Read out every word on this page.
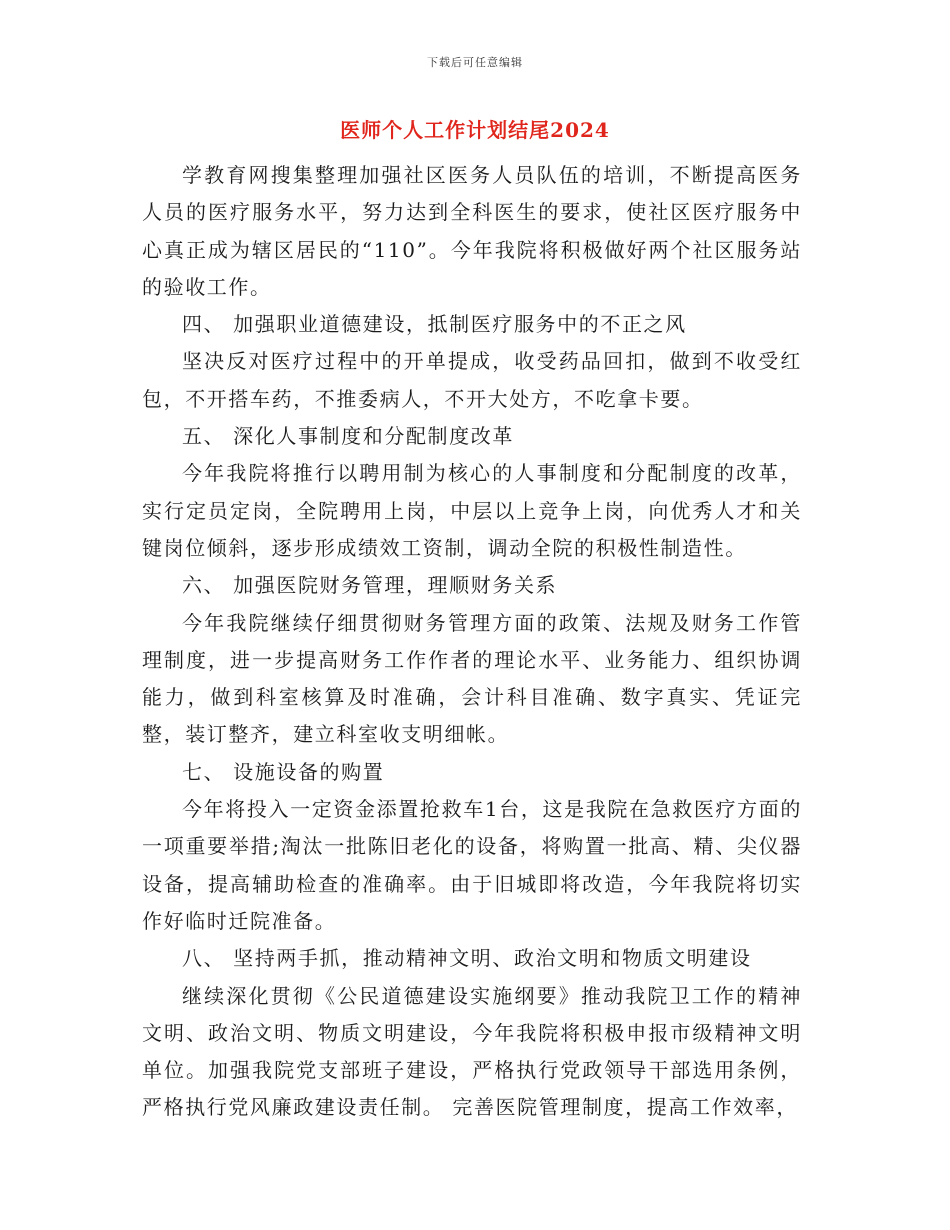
下载后可任意编辑
医师个人工作计划结尾2024

学教育网搜集整理加强社区医务人员队伍的培训，不断提高医务人员的医疗服务水平，努力达到全科医生的要求，使社区医疗服务中心真正成为辖区居民的“110”。今年我院将积极做好两个社区服务站的验收工作。

四、 加强职业道德建设，抵制医疗服务中的不正之风

坚决反对医疗过程中的开单提成，收受药品回扣，做到不收受红包，不开搭车药，不推委病人，不开大处方，不吃拿卡要。

五、 深化人事制度和分配制度改革

今年我院将推行以聘用制为核心的人事制度和分配制度的改革，实行定员定岗，全院聘用上岗，中层以上竞争上岗，向优秀人才和关键岗位倾斜，逐步形成绩效工资制，调动全院的积极性制造性。

六、 加强医院财务管理，理顺财务关系

今年我院继续仔细贯彻财务管理方面的政策、法规及财务工作管理制度，进一步提高财务工作作者的理论水平、业务能力、组织协调能力，做到科室核算及时准确，会计科目准确、数字真实、凭证完整，装订整齐，建立科室收支明细帐。

七、 设施设备的购置

今年将投入一定资金添置抢救车1台，这是我院在急救医疗方面的一项重要举措;淘汰一批陈旧老化的设备，将购置一批高、精、尖仪器设备，提高辅助检查的准确率。由于旧城即将改造，今年我院将切实作好临时迁院准备。

八、 坚持两手抓，推动精神文明、政治文明和物质文明建设

继续深化贯彻《公民道德建设实施纲要》推动我院卫工作的精神文明、政治文明、物质文明建设，今年我院将积极申报市级精神文明单位。加强我院党支部班子建设，严格执行党政领导干部选用条例，严格执行党风廉政建设责任制。 完善医院管理制度，提高工作效率，
